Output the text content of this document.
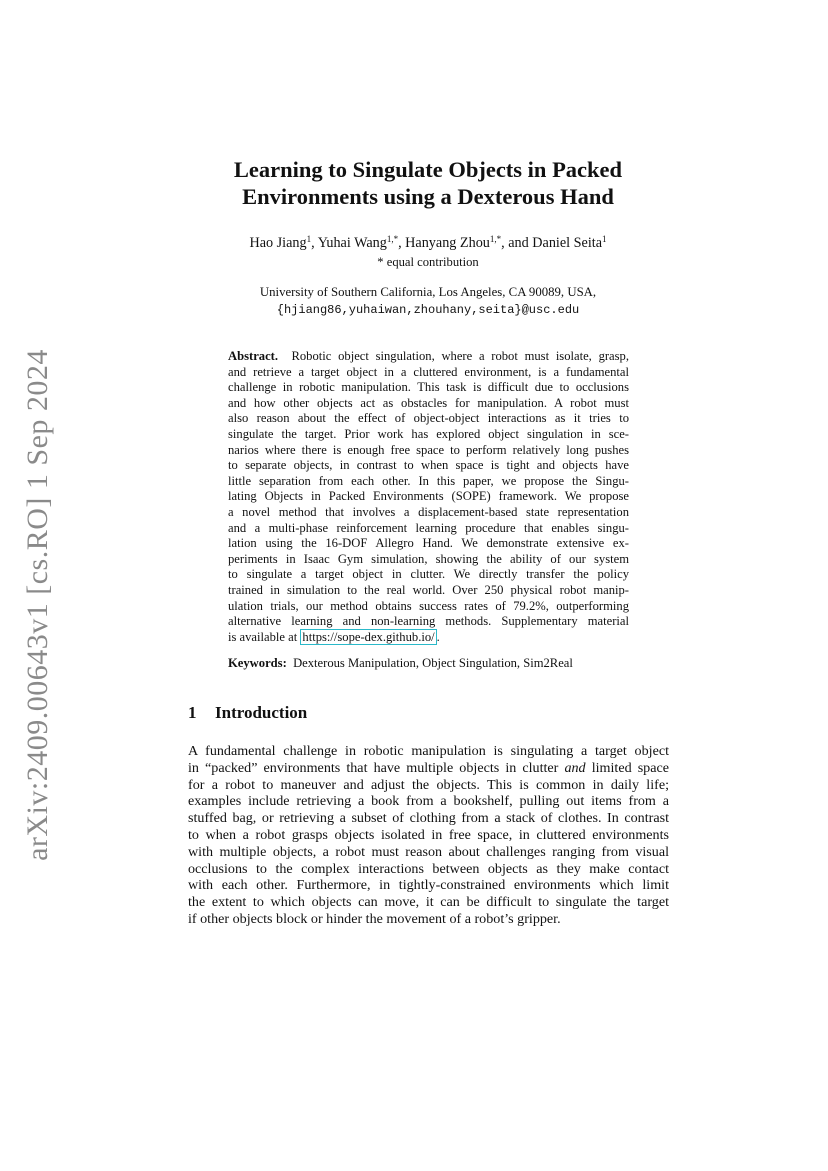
arXiv:2409.00643v1 [cs.RO] 1 Sep 2024
Learning to Singulate Objects in Packed
Environments using a Dexterous Hand
Hao Jiang$^1$, Yuhai Wang$^{1,*}$, Hanyang Zhou$^{1,*}$, and Daniel Seita$^1$
* equal contribution
University of Southern California, Los Angeles, CA 90089, USA,
{hjiang86,yuhaiwan,zhouhany,seita}@usc.edu
Abstract. Robotic object singulation, where a robot must isolate, grasp,
and retrieve a target object in a cluttered environment, is a fundamental
challenge in robotic manipulation. This task is difficult due to occlusions
and how other objects act as obstacles for manipulation. A robot must
also reason about the effect of object-object interactions as it tries to
singulate the target. Prior work has explored object singulation in sce-
narios where there is enough free space to perform relatively long pushes
to separate objects, in contrast to when space is tight and objects have
little separation from each other. In this paper, we propose the Singu-
lating Objects in Packed Environments (SOPE) framework. We propose
a novel method that involves a displacement-based state representation
and a multi-phase reinforcement learning procedure that enables singu-
lation using the 16-DOF Allegro Hand. We demonstrate extensive ex-
periments in Isaac Gym simulation, showing the ability of our system
to singulate a target object in clutter. We directly transfer the policy
trained in simulation to the real world. Over 250 physical robot manip-
ulation trials, our method obtains success rates of 79.2%, outperforming
alternative learning and non-learning methods. Supplementary material
is available at https://sope-dex.github.io/ .
Keywords: Dexterous Manipulation, Object Singulation, Sim2Real
1 Introduction
A fundamental challenge in robotic manipulation is singulating a target object
in “packed” environments that have multiple objects in clutter and limited space
for a robot to maneuver and adjust the objects. This is common in daily life;
examples include retrieving a book from a bookshelf, pulling out items from a
stuffed bag, or retrieving a subset of clothing from a stack of clothes. In contrast
to when a robot grasps objects isolated in free space, in cluttered environments
with multiple objects, a robot must reason about challenges ranging from visual
occlusions to the complex interactions between objects as they make contact
with each other. Furthermore, in tightly-constrained environments which limit
the extent to which objects can move, it can be difficult to singulate the target
if other objects block or hinder the movement of a robot’s gripper.
